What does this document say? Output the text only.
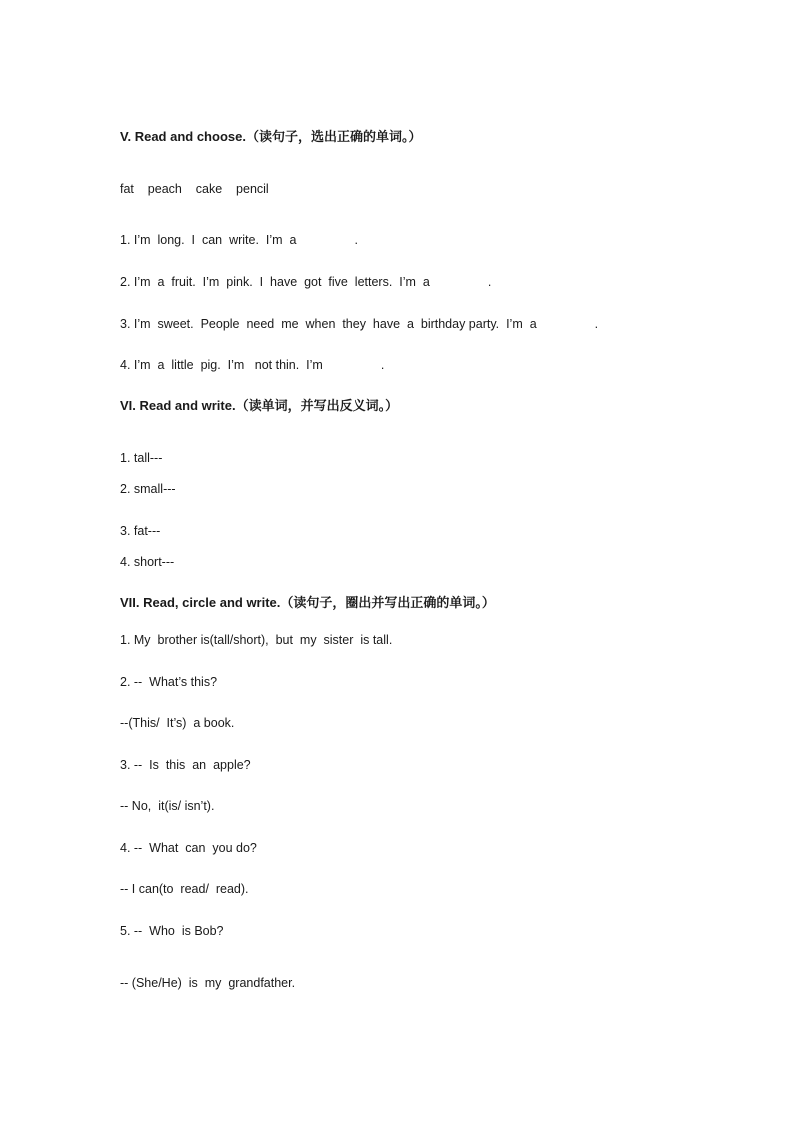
V. Read and choose.（读句子，选出正确的单词。）

fat    peach    cake    pencil

1. I’m  long.  I  can  write.  I’m  a	.

2. I’m  a  fruit.  I’m  pink.  I  have  got  five  letters.  I’m  a	.

3. I’m  sweet.  People  need  me  when  they  have  a  birthday party.  I’m  a	.

4. I’m  a  little  pig.  I’m   not thin.  I’m	.

VI. Read and write.（读单词，并写出反义词。）

1. tall---

2. small---

3. fat---

4. short---

VII. Read, circle and write.（读句子，圈出并写出正确的单词。）

1. My  brother is(tall/short),  but  my  sister  is tall.

2. --  What’s this?

--(This/  It’s)  a book.

3. --  Is  this  an  apple?

-- No,  it(is/ isn’t).

4. --  What  can  you do?

-- I can(to  read/  read).

5. --  Who  is Bob?

-- (She/He)  is  my  grandfather.
